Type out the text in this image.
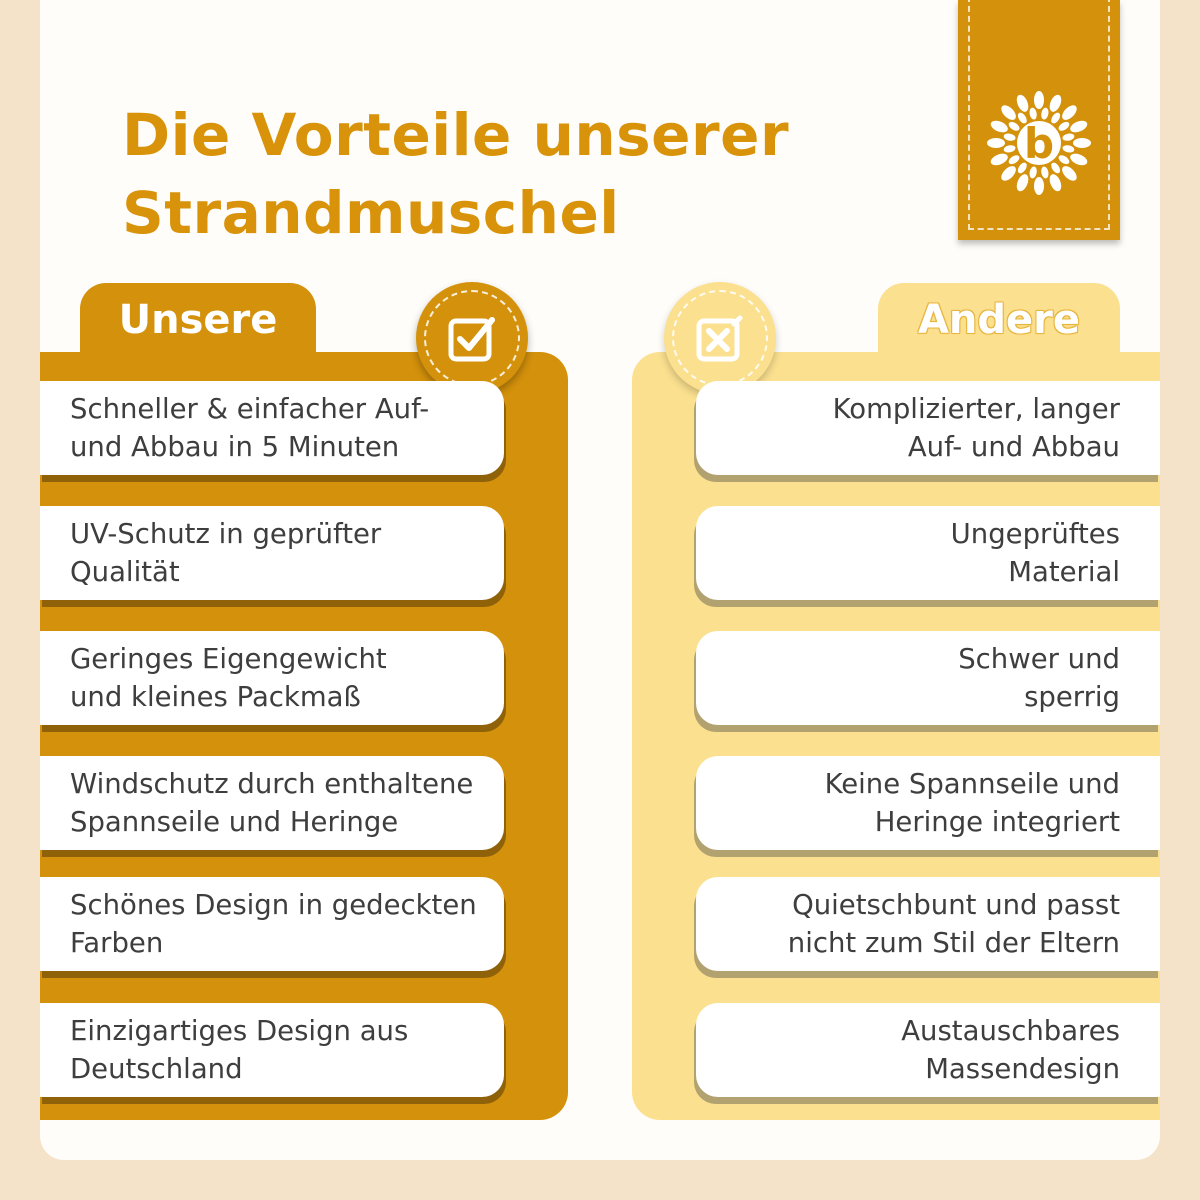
Die Vorteile unserer
Strandmuschel
b
Unsere
Schneller & einfacher Auf-
und Abbau in 5 Minuten
UV-Schutz in geprüfter
Qualität
Geringes Eigengewicht
und kleines Packmaß
Windschutz durch enthaltene
Spannseile und Heringe
Schönes Design in gedeckten
Farben
Einzigartiges Design aus
Deutschland
Andere
Komplizierter, langer
Auf- und Abbau
Ungeprüftes
Material
Schwer und
sperrig
Keine Spannseile und
Heringe integriert
Quietschbunt und passt
nicht zum Stil der Eltern
Austauschbares
Massendesign
